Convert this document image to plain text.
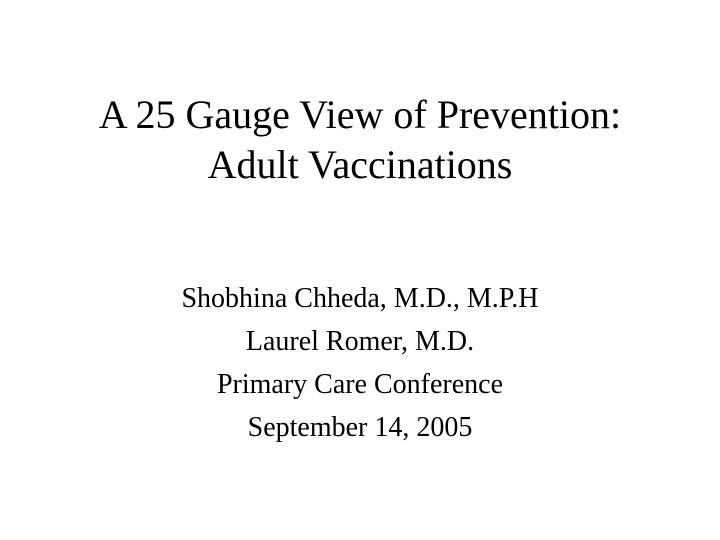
A 25 Gauge View of Prevention:
Adult Vaccinations
Shobhina Chheda, M.D., M.P.H
Laurel Romer, M.D.
Primary Care Conference
September 14, 2005
